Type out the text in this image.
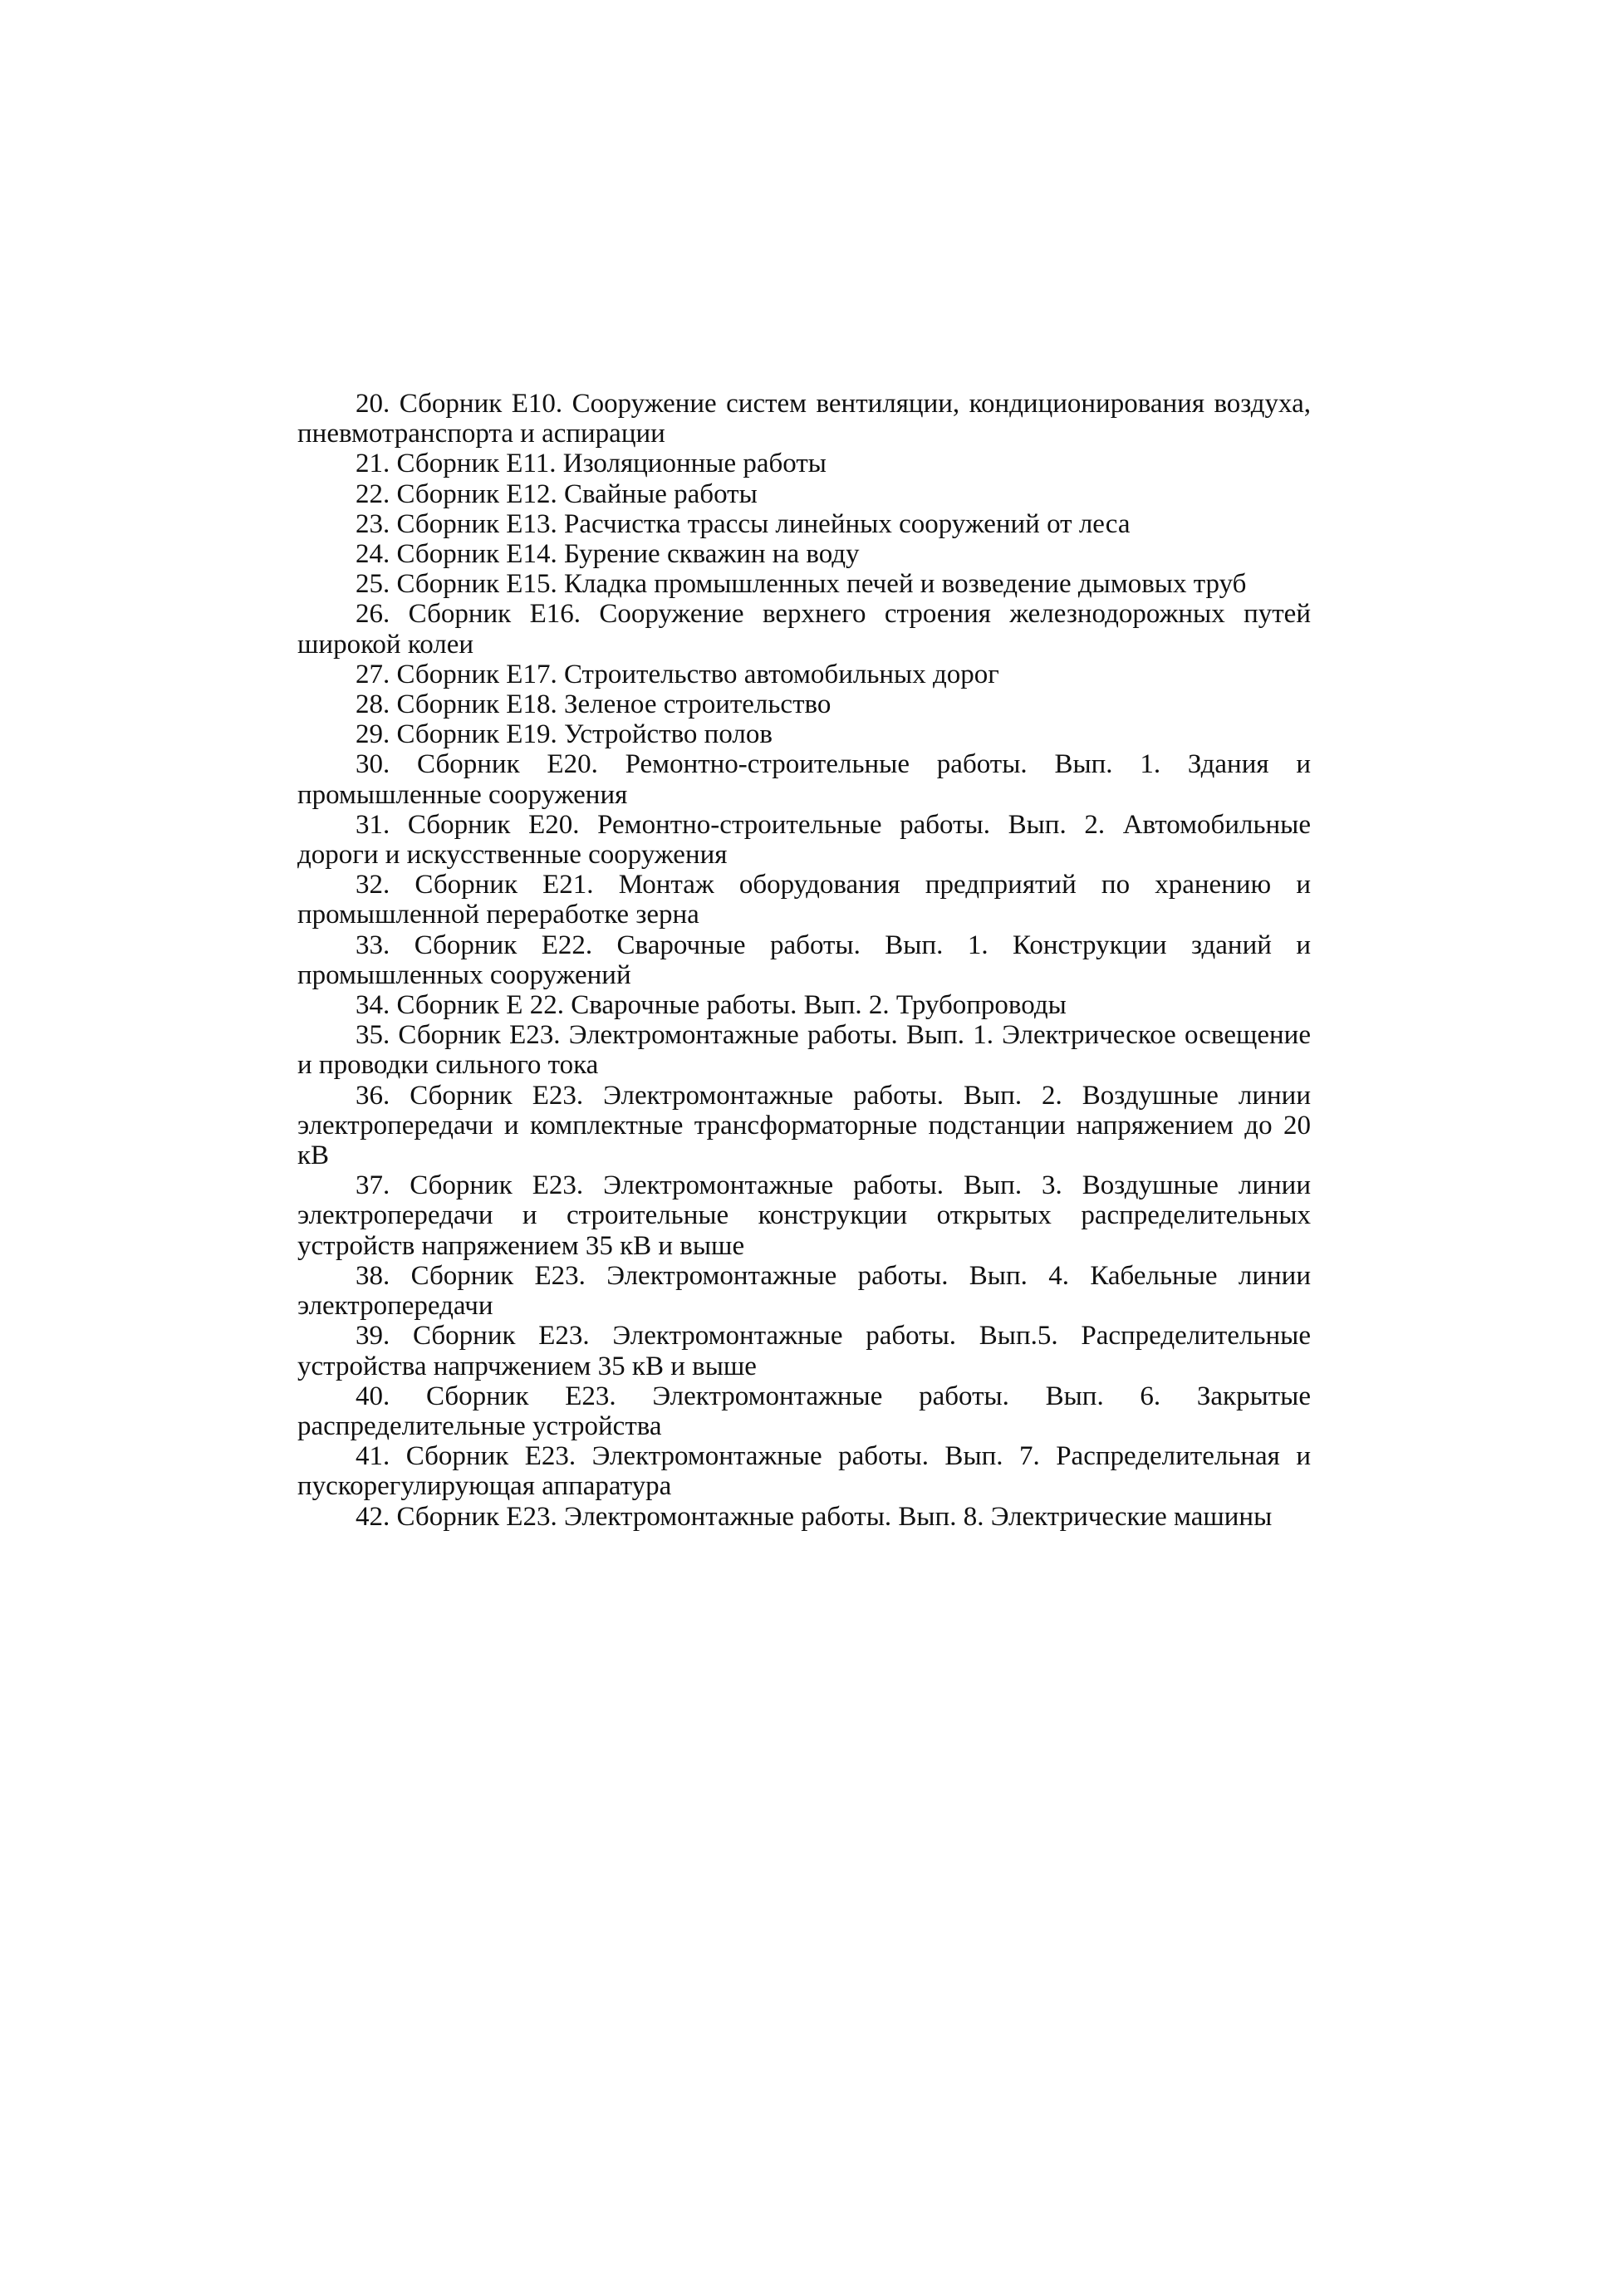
20. Сборник Е10. Сооружение систем вентиляции, кондиционирования воздуха, пневмотранспорта и аспирации

21. Сборник Е11. Изоляционные работы

22. Сборник Е12. Свайные работы

23. Сборник Е13. Расчистка трассы линейных сооружений от леса

24. Сборник Е14. Бурение скважин на воду

25. Сборник Е15. Кладка промышленных печей и возведение дымовых труб

26. Сборник Е16. Сооружение верхнего строения железнодорожных путей широкой колеи

27. Сборник Е17. Строительство автомобильных дорог

28. Сборник Е18. Зеленое строительство

29. Сборник Е19. Устройство полов

30. Сборник Е20. Ремонтно-строительные работы. Вып. 1. Здания и промышленные сооружения

31. Сборник Е20. Ремонтно-строительные работы. Вып. 2. Автомобильные дороги и искусственные сооружения

32. Сборник Е21. Монтаж оборудования предприятий по хранению и промышленной переработке зерна

33. Сборник Е22. Сварочные работы. Вып. 1. Конструкции зданий и промышленных сооружений

34. Сборник Е 22. Сварочные работы. Вып. 2. Трубопроводы

35. Сборник Е23. Электромонтажные работы. Вып. 1. Электрическое освещение и проводки сильного тока

36. Сборник Е23. Электромонтажные работы. Вып. 2. Воздушные линии электропередачи и комплектные трансформаторные подстанции напряжением до 20 кВ

37. Сборник Е23. Электромонтажные работы. Вып. 3. Воздушные линии электропередачи и строительные конструкции открытых распределительных устройств напряжением 35 кВ и выше

38. Сборник Е23. Электромонтажные работы. Вып. 4. Кабельные линии электропередачи

39. Сборник Е23. Электромонтажные работы. Вып.5. Распределительные устройства напрчжением 35 кВ и выше

40. Сборник Е23. Электромонтажные работы. Вып. 6. Закрытые распределительные устройства

41. Сборник Е23. Электромонтажные работы. Вып. 7. Распределительная и пускорегулирующая аппаратура

42. Сборник Е23. Электромонтажные работы. Вып. 8. Электрические машины
